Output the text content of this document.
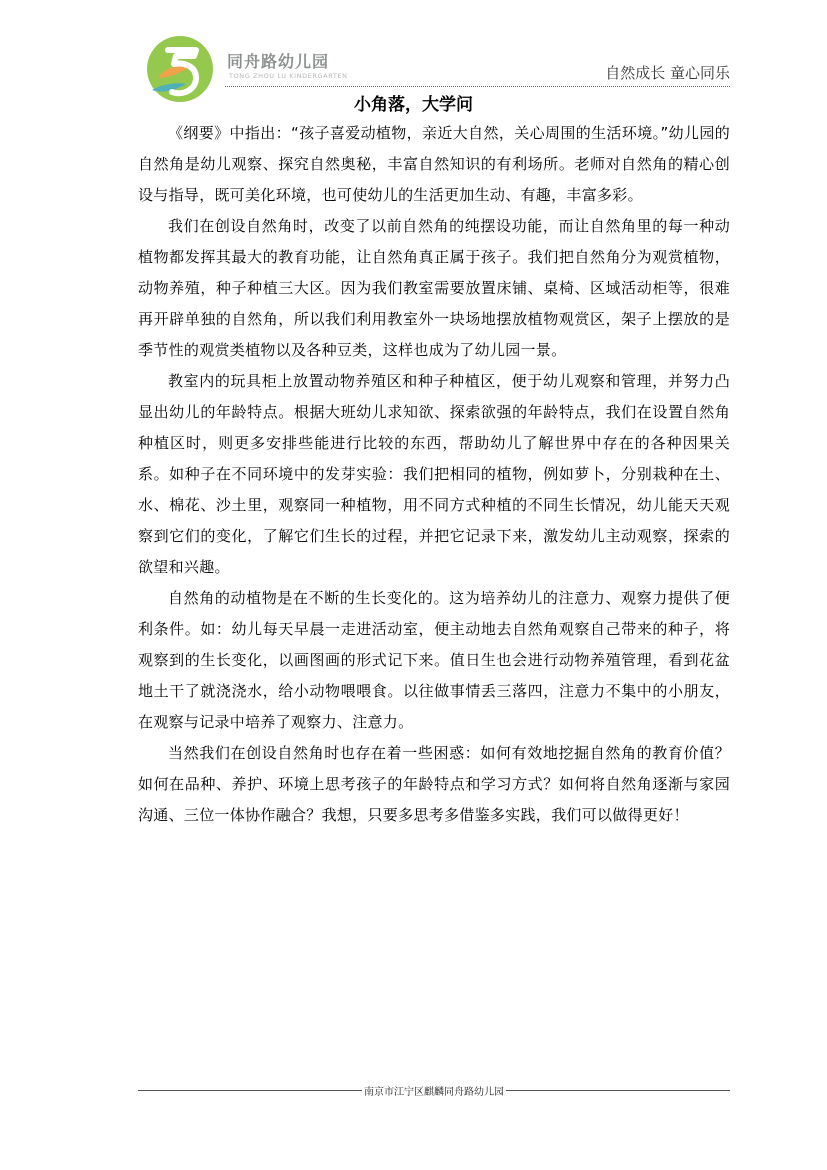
同舟路幼儿园
TONG ZHOU LU KINDERGARTEN	自然成长 童心同乐
小角落，大学问

《纲要》中指出：“孩子喜爱动植物，亲近大自然，关心周围的生活环境。”幼儿园的自然角是幼儿观察、探究自然奥秘，丰富自然知识的有利场所。老师对自然角的精心创设与指导，既可美化环境，也可使幼儿的生活更加生动、有趣，丰富多彩。

我们在创设自然角时，改变了以前自然角的纯摆设功能，而让自然角里的每一种动植物都发挥其最大的教育功能，让自然角真正属于孩子。我们把自然角分为观赏植物，动物养殖，种子种植三大区。因为我们教室需要放置床铺、桌椅、区域活动柜等，很难再开辟单独的自然角，所以我们利用教室外一块场地摆放植物观赏区，架子上摆放的是季节性的观赏类植物以及各种豆类，这样也成为了幼儿园一景。

教室内的玩具柜上放置动物养殖区和种子种植区，便于幼儿观察和管理，并努力凸显出幼儿的年龄特点。根据大班幼儿求知欲、探索欲强的年龄特点，我们在设置自然角种植区时，则更多安排些能进行比较的东西，帮助幼儿了解世界中存在的各种因果关系。如种子在不同环境中的发芽实验：我们把相同的植物，例如萝卜，分别栽种在土、水、棉花、沙土里，观察同一种植物，用不同方式种植的不同生长情况，幼儿能天天观察到它们的变化，了解它们生长的过程，并把它记录下来，激发幼儿主动观察，探索的欲望和兴趣。

自然角的动植物是在不断的生长变化的。这为培养幼儿的注意力、观察力提供了便利条件。如：幼儿每天早晨一走进活动室，便主动地去自然角观察自己带来的种子，将观察到的生长变化，以画图画的形式记下来。值日生也会进行动物养殖管理，看到花盆地土干了就浇浇水，给小动物喂喂食。以往做事情丢三落四，注意力不集中的小朋友，在观察与记录中培养了观察力、注意力。

当然我们在创设自然角时也存在着一些困惑：如何有效地挖掘自然角的教育价值？如何在品种、养护、环境上思考孩子的年龄特点和学习方式？如何将自然角逐渐与家园沟通、三位一体协作融合？我想，只要多思考多借鉴多实践，我们可以做得更好！

南京市江宁区麒麟同舟路幼儿园
